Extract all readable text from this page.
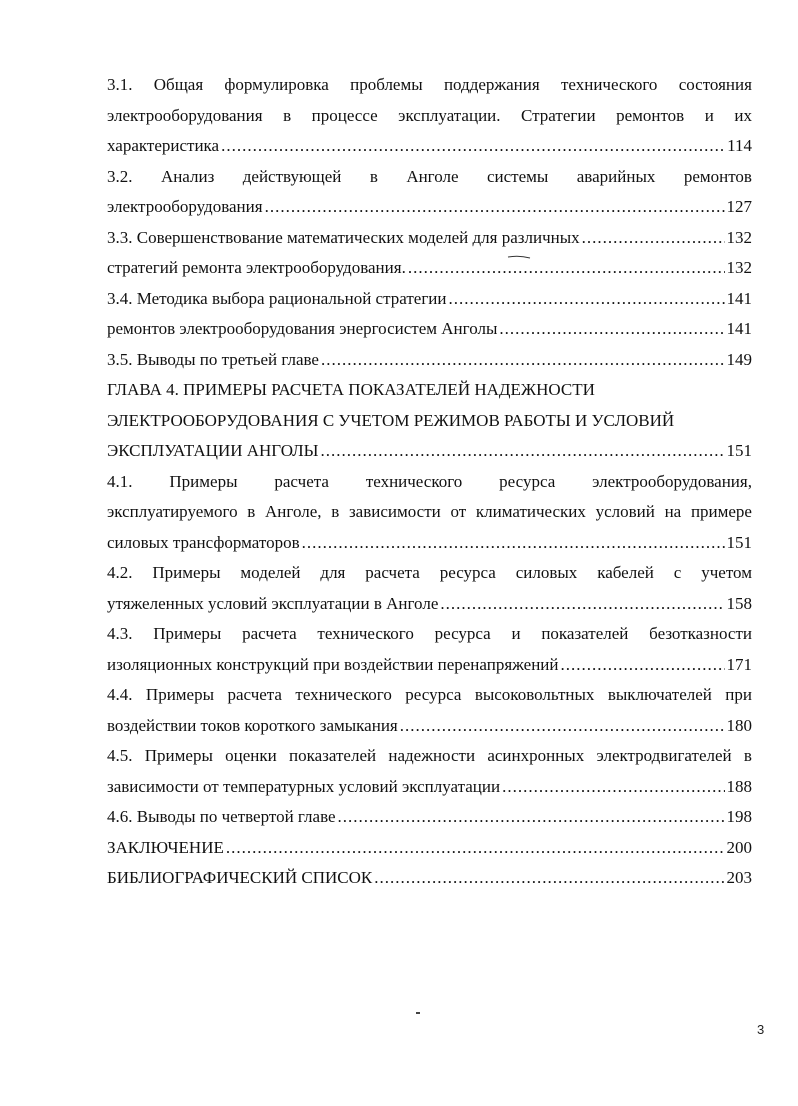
3.1. Общая формулировка проблемы поддержания технического состояния
электрооборудования в процессе эксплуатации. Стратегии ремонтов и их
характеристика .....	114
3.2. Анализ действующей в Анголе системы аварийных ремонтов
электрооборудования .....	127
3.3. Совершенствование математических моделей для различных .....	132
стратегий ремонта электрооборудования. .....	132
3.4. Методика выбора рациональной стратегии .....	141
ремонтов электрооборудования энергосистем Анголы .....	141
3.5. Выводы по третьей главе .....	149
ГЛАВА 4. ПРИМЕРЫ РАСЧЕТА ПОКАЗАТЕЛЕЙ НАДЕЖНОСТИ
ЭЛЕКТРООБОРУДОВАНИЯ С УЧЕТОМ РЕЖИМОВ РАБОТЫ И УСЛОВИЙ
ЭКСПЛУАТАЦИИ АНГОЛЫ .....	151
4.1. Примеры расчета технического ресурса электрооборудования,
эксплуатируемого в Анголе, в зависимости от климатических условий на примере
силовых трансформаторов .....	151
4.2. Примеры моделей для расчета ресурса силовых кабелей с учетом
утяжеленных условий эксплуатации в Анголе .....	158
4.3. Примеры расчета технического ресурса и показателей безотказности
изоляционных конструкций при воздействии перенапряжений .....	171
4.4. Примеры расчета технического ресурса высоковольтных выключателей при
воздействии токов короткого замыкания .....	180
4.5. Примеры оценки показателей надежности асинхронных электродвигателей в
зависимости от температурных условий эксплуатации .....	188
4.6. Выводы по четвертой главе .....	198
ЗАКЛЮЧЕНИЕ .....	200
БИБЛИОГРАФИЧЕСКИЙ СПИСОК .....	203
3
